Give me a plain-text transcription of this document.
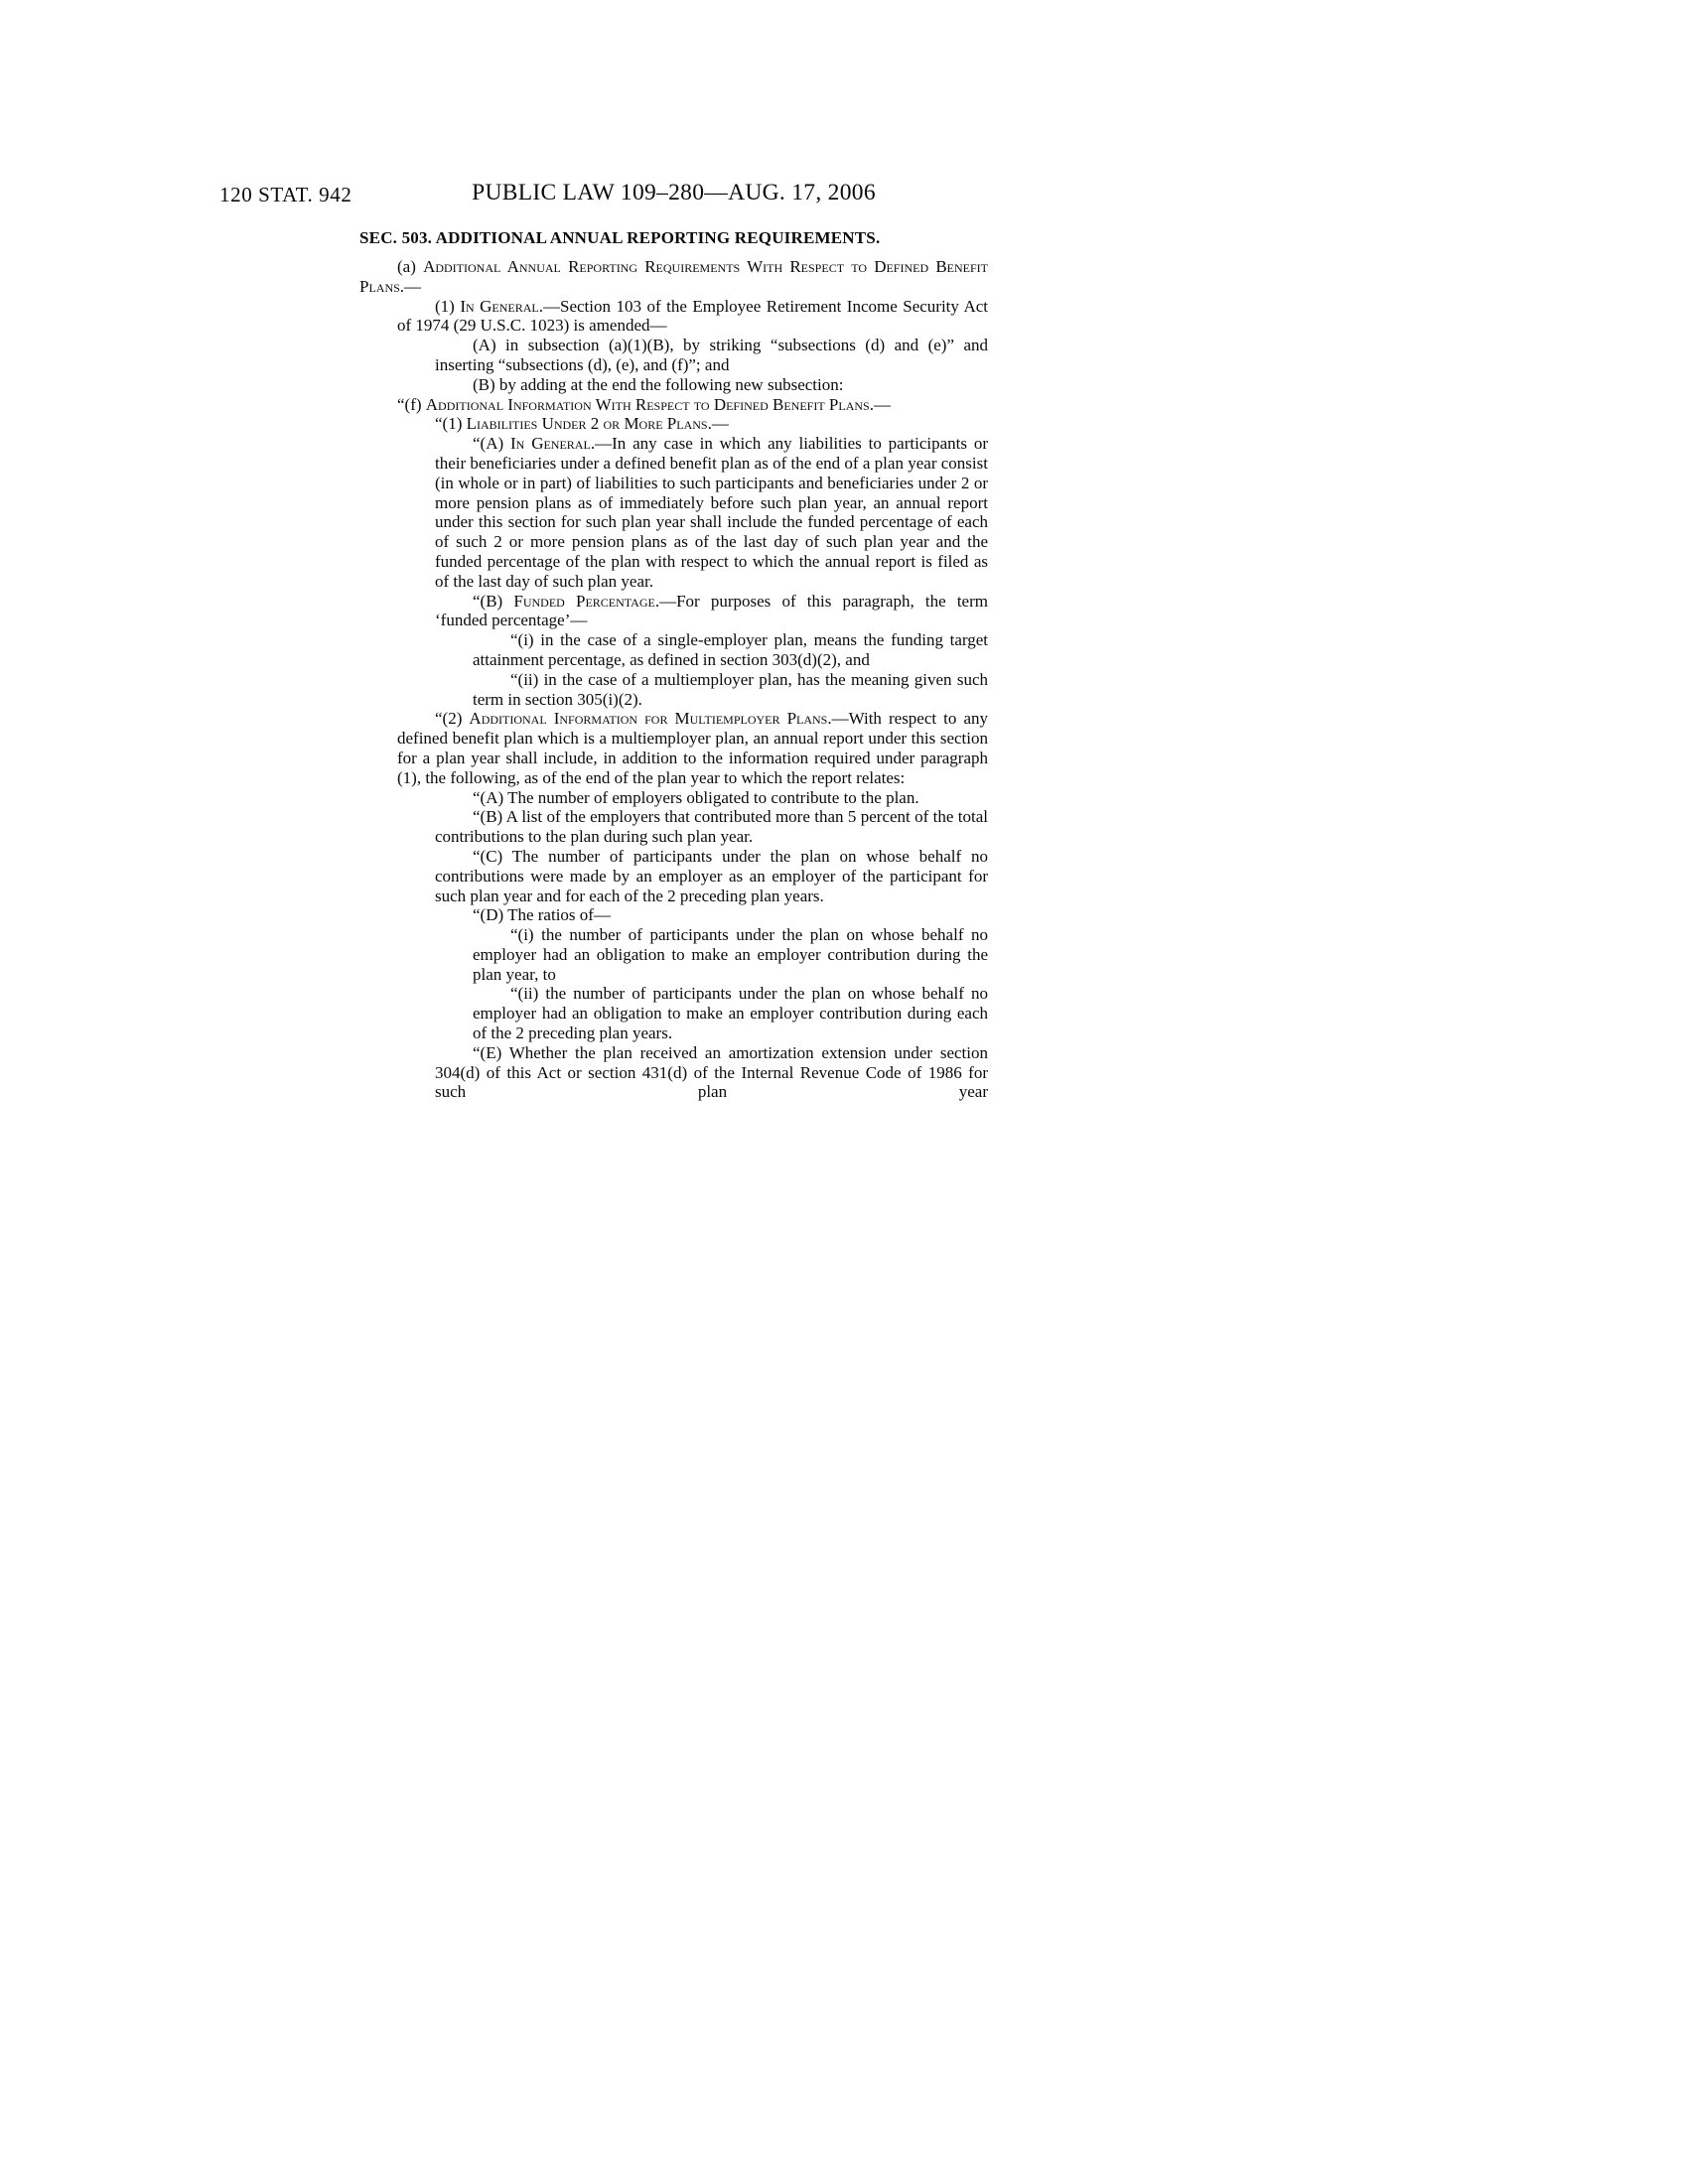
120 STAT. 942	PUBLIC LAW 109–280—AUG. 17, 2006
SEC. 503. ADDITIONAL ANNUAL REPORTING REQUIREMENTS.

(a) Additional Annual Reporting Requirements With Respect to Defined Benefit Plans.—

(1) In General.—Section 103 of the Employee Retirement Income Security Act of 1974 (29 U.S.C. 1023) is amended—

(A) in subsection (a)(1)(B), by striking “subsections (d) and (e)” and inserting “subsections (d), (e), and (f)”; and

(B) by adding at the end the following new subsection:

“(f) Additional Information With Respect to Defined Benefit Plans.—

“(1) Liabilities Under 2 or More Plans.—

“(A) In General.—In any case in which any liabilities to participants or their beneficiaries under a defined benefit plan as of the end of a plan year consist (in whole or in part) of liabilities to such participants and beneficiaries under 2 or more pension plans as of immediately before such plan year, an annual report under this section for such plan year shall include the funded percentage of each of such 2 or more pension plans as of the last day of such plan year and the funded percentage of the plan with respect to which the annual report is filed as of the last day of such plan year.

“(B) Funded Percentage.—For purposes of this paragraph, the term ‘funded percentage’—

“(i) in the case of a single-employer plan, means the funding target attainment percentage, as defined in section 303(d)(2), and

“(ii) in the case of a multiemployer plan, has the meaning given such term in section 305(i)(2).

“(2) Additional Information for Multiemployer Plans.—With respect to any defined benefit plan which is a multiemployer plan, an annual report under this section for a plan year shall include, in addition to the information required under paragraph (1), the following, as of the end of the plan year to which the report relates:

“(A) The number of employers obligated to contribute to the plan.

“(B) A list of the employers that contributed more than 5 percent of the total contributions to the plan during such plan year.

“(C) The number of participants under the plan on whose behalf no contributions were made by an employer as an employer of the participant for such plan year and for each of the 2 preceding plan years.

“(D) The ratios of—

“(i) the number of participants under the plan on whose behalf no employer had an obligation to make an employer contribution during the plan year, to

“(ii) the number of participants under the plan on whose behalf no employer had an obligation to make an employer contribution during each of the 2 preceding plan years.

“(E) Whether the plan received an amortization extension under section 304(d) of this Act or section 431(d) of the Internal Revenue Code of 1986 for such plan year
